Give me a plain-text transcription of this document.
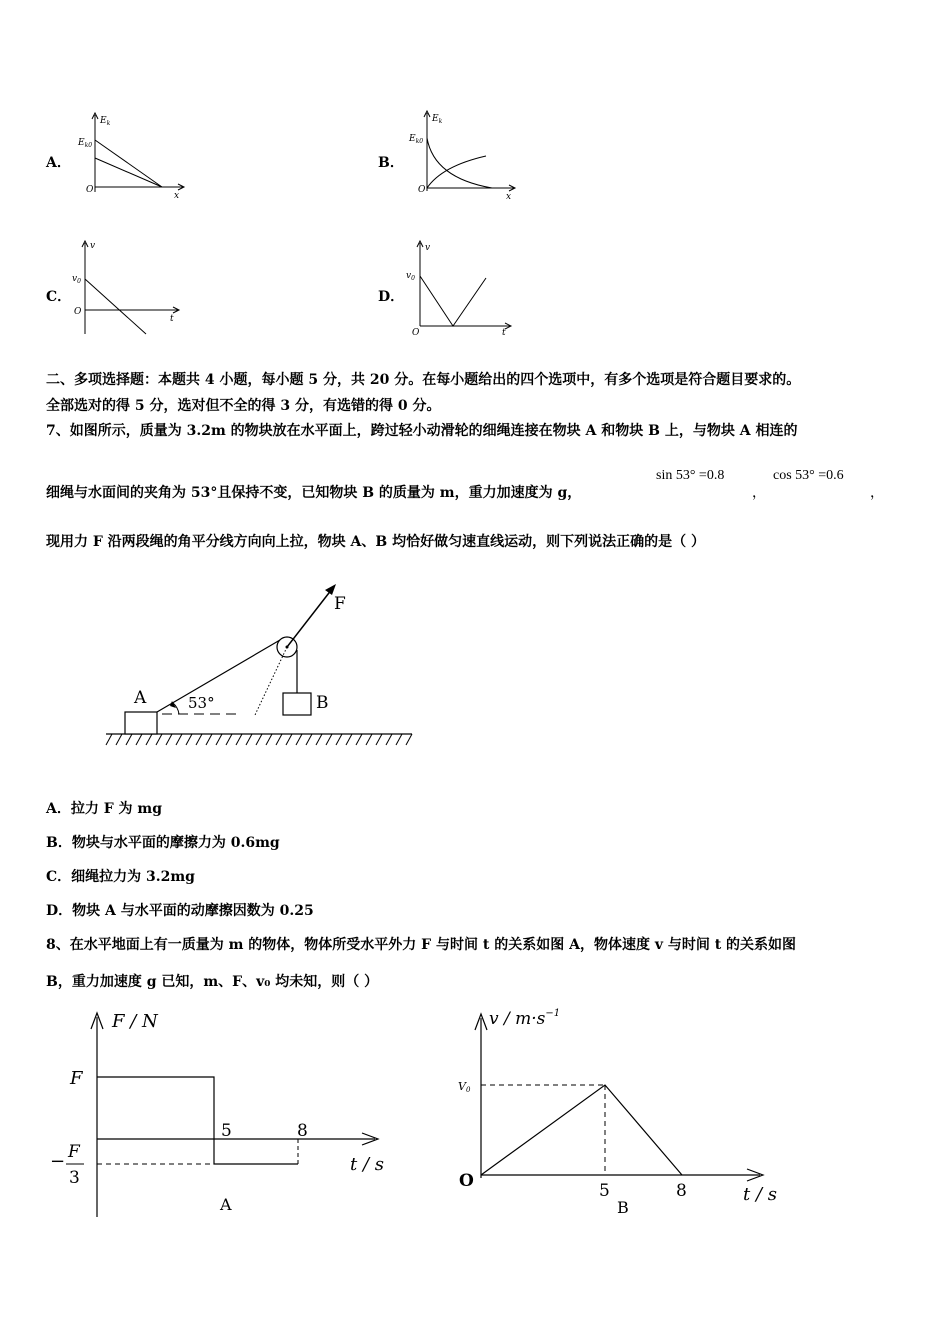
A．
$E_k$
$E_{k0}$
O
x
B．
$E_k$
$E_{k0}$
O
x
C．
v
$v_0$
O
t
D．
v
$v_0$
O	t
二、多项选择题：本题共 4 小题，每小题 5 分，共 20 分。在每小题给出的四个选项中，有多个选项是符合题目要求的。
全部选对的得 5 分，选对但不全的得 3 分，有选错的得 0 分。
7、如图所示，质量为 3.2m 的物块放在水平面上，跨过轻小动滑轮的细绳连接在物块 A 和物块 B 上，与物块 A 相连的
细绳与水面间的夹角为 53°且保持不变，已知物块 B 的质量为 m，重力加速度为 g，
sin 53° =0.8
，
cos 53° =0.6
，
现用力 F 沿两段绳的角平分线方向向上拉，物块 A、B 均恰好做匀速直线运动，则下列说法正确的是（ ）
F
A	B
53°
A．拉力 F 为 mg
B．物块与水平面的摩擦力为 0.6mg
C．细绳拉力为 3.2mg
D．物块 A 与水平面的动摩擦因数为 0.25
8、在水平地面上有一质量为 m 的物体，物体所受水平外力 F 与时间 t 的关系如图 A，物体速度 v 与时间 t 的关系如图
B，重力加速度 g 已知，m、F、v₀ 均未知，则（ ）
F / N
F
− F
3
5	8
t / s
A
$v / m\cdot s^{-1}$
V0
O	5	8	t / s
B
